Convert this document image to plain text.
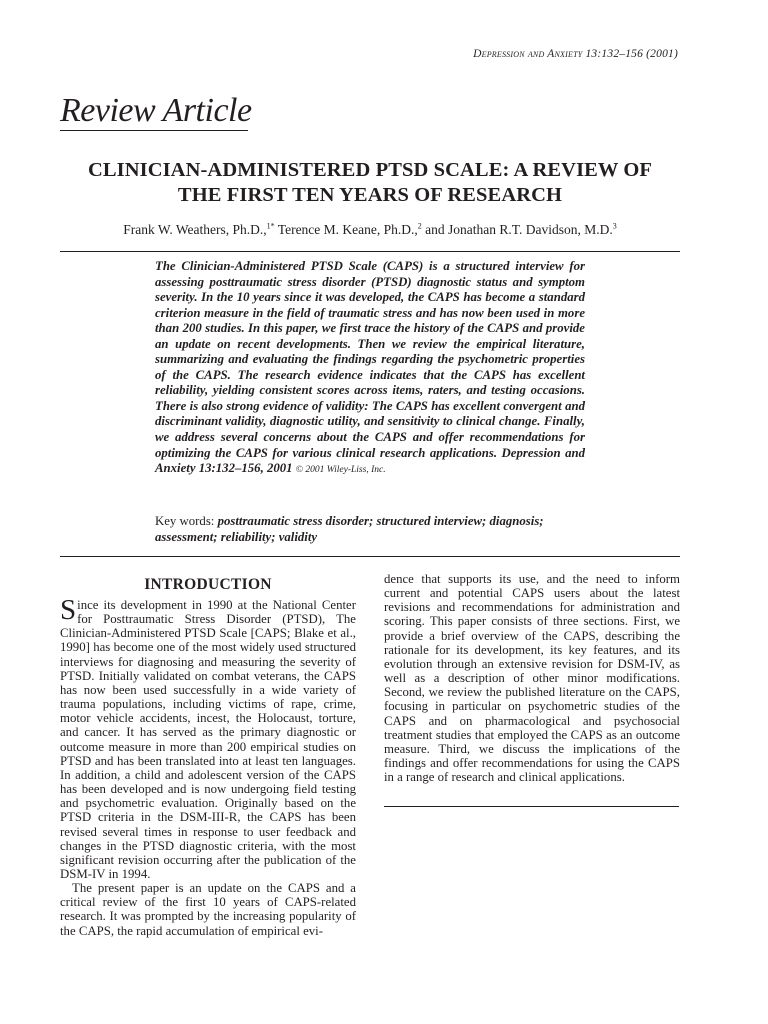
Depression and Anxiety 13:132–156 (2001)
Review Article
CLINICIAN-ADMINISTERED PTSD SCALE: A REVIEW OF
THE FIRST TEN YEARS OF RESEARCH
Frank W. Weathers, Ph.D.,$^{1*}$ Terence M. Keane, Ph.D.,$^2$ and Jonathan R.T. Davidson, M.D.$^3$

The Clinician-Administered PTSD Scale (CAPS) is a structured interview for assessing posttraumatic stress disorder (PTSD) diagnostic status and symptom severity. In the 10 years since it was developed, the CAPS has become a standard criterion measure in the field of traumatic stress and has now been used in more than 200 studies. In this paper, we first trace the history of the CAPS and provide an update on recent developments. Then we review the empirical literature, summarizing and evaluating the findings regarding the psychometric properties of the CAPS. The research evidence indicates that the CAPS has excellent reliability, yielding consistent scores across items, raters, and testing occasions. There is also strong evidence of validity: The CAPS has excellent convergent and discriminant validity, diagnostic utility, and sensitivity to clinical change. Finally, we address several concerns about the CAPS and offer recommendations for optimizing the CAPS for various clinical research applications. Depression and Anxiety 13:132–156, 2001 © 2001 Wiley-Liss, Inc.

Key words: posttraumatic stress disorder; structured interview; diagnosis; assessment; reliability; validity

INTRODUCTION

Since its development in 1990 at the National Center for Posttraumatic Stress Disorder (PTSD), The Clinician-Administered PTSD Scale [CAPS; Blake et al., 1990] has become one of the most widely used structured interviews for diagnosing and measuring the severity of PTSD. Initially validated on combat veterans, the CAPS has now been used successfully in a wide variety of trauma populations, including victims of rape, crime, motor vehicle accidents, incest, the Holocaust, torture, and cancer. It has served as the primary diagnostic or outcome measure in more than 200 empirical studies on PTSD and has been translated into at least ten languages. In addition, a child and adolescent version of the CAPS has been developed and is now undergoing field testing and psychometric evaluation. Originally based on the PTSD criteria in the DSM-III-R, the CAPS has been revised several times in response to user feedback and changes in the PTSD diagnostic criteria, with the most significant revision occurring after the publication of the DSM-IV in 1994.

The present paper is an update on the CAPS and a critical review of the first 10 years of CAPS-related research. It was prompted by the increasing popularity of the CAPS, the rapid accumulation of empirical evi-

dence that supports its use, and the need to inform current and potential CAPS users about the latest revisions and recommendations for administration and scoring. This paper consists of three sections. First, we provide a brief overview of the CAPS, describing the rationale for its development, its key features, and its evolution through an extensive revision for DSM-IV, as well as a description of other minor modifications. Second, we review the published literature on the CAPS, focusing in particular on psychometric studies of the CAPS and on pharmacological and psychosocial treatment studies that employed the CAPS as an outcome measure. Third, we discuss the implications of the findings and offer recommendations for using the CAPS in a range of research and clinical applications.
